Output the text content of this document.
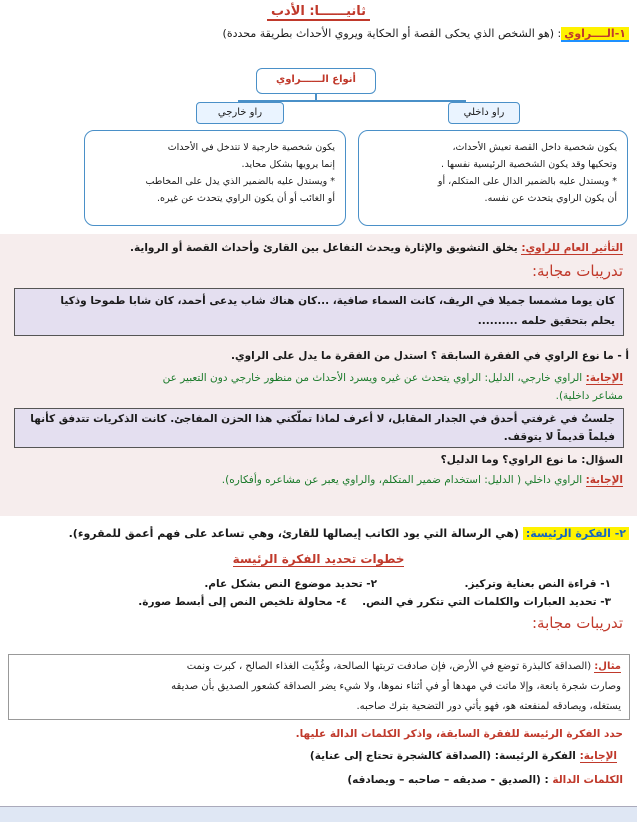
ثانيــــــا: الأدب
١-الــــراوي: (هو الشخص الذي يحكى القصة أو الحكاية ويروي الأحداث بطريقة محددة)
أنواع الــــــراوي
راو داخلي
راو خارجي
يكون شخصية داخل القصة تعيش الأحداث،
وتحكيها وقد يكون الشخصية الرئيسية نفسها .
* ويستدل عليه بالضمير الدال على المتكلم، أو
أن يكون الراوي يتحدث عن نفسه.
يكون شخصية خارجية لا تتدخل في الأحداث
إنما يرويها بشكل محايد.
* ويستدل عليه بالضمير الذي يدل على المخاطب
أو الغائب أو أن يكون الراوي يتحدث عن غيره.
التأثير العام للراوي: يخلق التشويق والإثارة ويحدث التفاعل بين القارئ وأحداث القصة أو الرواية.
تدريبات مجابة:
كان يوما مشمسا جميلا في الريف، كانت السماء صافية، ...كان هناك شاب يدعى أحمد، كان شابا طموحا وذكيا
يحلم بتحقيق حلمه ..........
أ - ما نوع الراوي في الفقرة السابقة ؟ استدل من الفقرة ما يدل على الراوي.
الإجابة: الراوي خارجي، الدليل: الراوي يتحدث عن غيره ويسرد الأحداث من منظور خارجي دون التعبير عن
مشاعر داخلية).
جلستُ في غرفتي أحدق في الجدار المقابل، لا أعرف لماذا تملّكني هذا الحزن المفاجئ. كانت الذكريات تتدفق كأنها
فيلماً قديماً لا يتوقف.
السؤال: ما نوع الراوي؟ وما الدليل؟
الإجابة: الراوي داخلي ( الدليل: استخدام ضمير المتكلم، والراوي يعبر عن مشاعره وأفكاره).
٢- الفكرة الرئيسة: (هي الرسالة التي يود الكاتب إيصالها للقارئ، وهي تساعد على فهم أعمق للمقروء).
خطوات تحديد الفكرة الرئيسة
١- قراءة النص بعناية وتركيز.
٢- تحديد موضوع النص بشكل عام.
٣- تحديد العبارات والكلمات التي تتكرر في النص.
٤- محاولة تلخيص النص إلى أبسط صورة.
تدريبات مجابة:
مثال: (الصداقة كالبذرة توضع في الأرض، فإن صادفت تربتها الصالحة، وغُذّيت الغذاء الصالح ، كبرت ونمت
وصارت شجرة يانعة، وإلا ماتت في مهدها أو في أثناء نموها، ولا شيء يضر الصداقة كشعور الصديق بأن صديقه
يستغله، ويصادقه لمنفعته هو، فهو يأتي دور التضحية بترك صاحبه.
حدد الفكرة الرئيسة للفقرة السابقة، واذكر الكلمات الدالة عليها.
الإجابة: الفكرة الرئيسة: (الصداقة كالشجرة تحتاج إلى عناية)
الكلمات الدالة : (الصديق - صديقه – صاحبه – ويصادقه)
